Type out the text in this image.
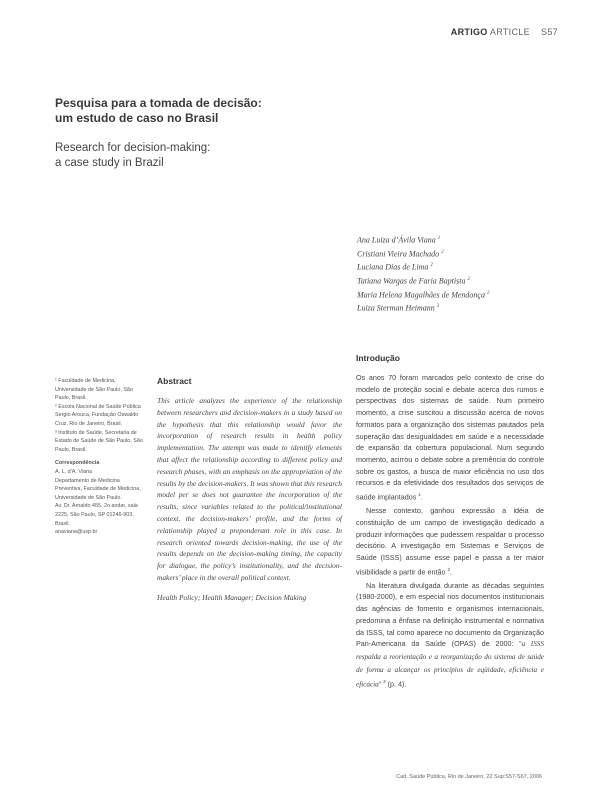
ARTIGO ARTICLE S57
Pesquisa para a tomada de decisão:
um estudo de caso no Brasil
Research for decision-making:
a case study in Brazil
Ana Luiza d’Ávila Viana $^1$
Cristiani Vieira Machado $^2$
Luciana Dias de Lima $^2$
Tatiana Wargas de Faria Baptista $^2$
Maria Helena Magalhães de Mendonça $^2$
Luiza Sterman Heimann $^3$

¹ Faculdade de Medicina, Universidade de São Paulo, São Paulo, Brasil.

² Escola Nacional de Saúde Pública Sergio Arouca, Fundação Oswaldo Cruz, Rio de Janeiro, Brasil.

³ Instituto de Saúde, Secretaria de Estado de Saúde de São Paulo, São Paulo, Brasil.

Correspondência

A. L. d’A. Viana

Departamento de Medicina Preventiva, Faculdade de Medicina, Universidade de São Paulo.

Av. Dr. Arnaldo 455, 2o andar, sala 2225, São Paulo, SP 01246-903, Brasil.

anaviana@usp.br

Abstract

This article analyzes the experience of the relationship between researchers and decision-makers in a study based on the hypothesis that this relationship would favor the incorporation of research results in health policy implementation. The attempt was made to identify elements that affect the relationship according to different policy and research phases, with an emphasis on the appropriation of the results by the decision-makers. It was shown that this research model per se does not guarantee the incorporation of the results, since variables related to the political/institutional context, the decision-makers’ profile, and the forms of relationship played a preponderant role in this case. In research oriented towards decision-making, the use of the results depends on the decision-making timing, the capacity for dialogue, the policy’s institutionality, and the decision-makers’ place in the overall political context.

Health Policy; Health Manager; Decision Making
Introdução

Os anos 70 foram marcados pelo contexto de crise do modelo de proteção social e debate acerca dos rumos e perspectivas dos sistemas de saúde. Num primeiro momento, a crise suscitou a discussão acerca de novos formatos para a organização dos sistemas pautados pela superação das desigualdades em saúde e a necessidade de expansão da cobertura populacional. Num segundo momento, acirrou o debate sobre a premência do controle sobre os gastos, a busca de maior eficiência no uso dos recursos e da efetividade dos resultados dos serviços de saúde implantados $^1$.

Nesse contexto, ganhou expressão a idéia de constituição de um campo de investigação dedicado a produzir informações que pudessem respaldar o processo decisório. A investigação em Sistemas e Serviços de Saúde (ISSS) assume esse papel e passa a ter maior visibilidade a partir de então $^2$.

Na literatura divulgada durante as décadas seguintes (1980-2000), e em especial nos documentos institucionais das agências de fomento e organismos internacionais, predomina a ênfase na definição instrumental e normativa da ISSS, tal como aparece no documento da Organização Pan-Americana da Saúde (OPAS) de 2000: “a ISSS respalda a reorientação e a reorganização do sistema de saúde de forma a alcançar os princípios de eqüidade, eficiência e eficácia” $^3$ (p. 4).

Cad. Saúde Pública, Rio de Janeiro, 22 Sup:S57-S67, 2006
